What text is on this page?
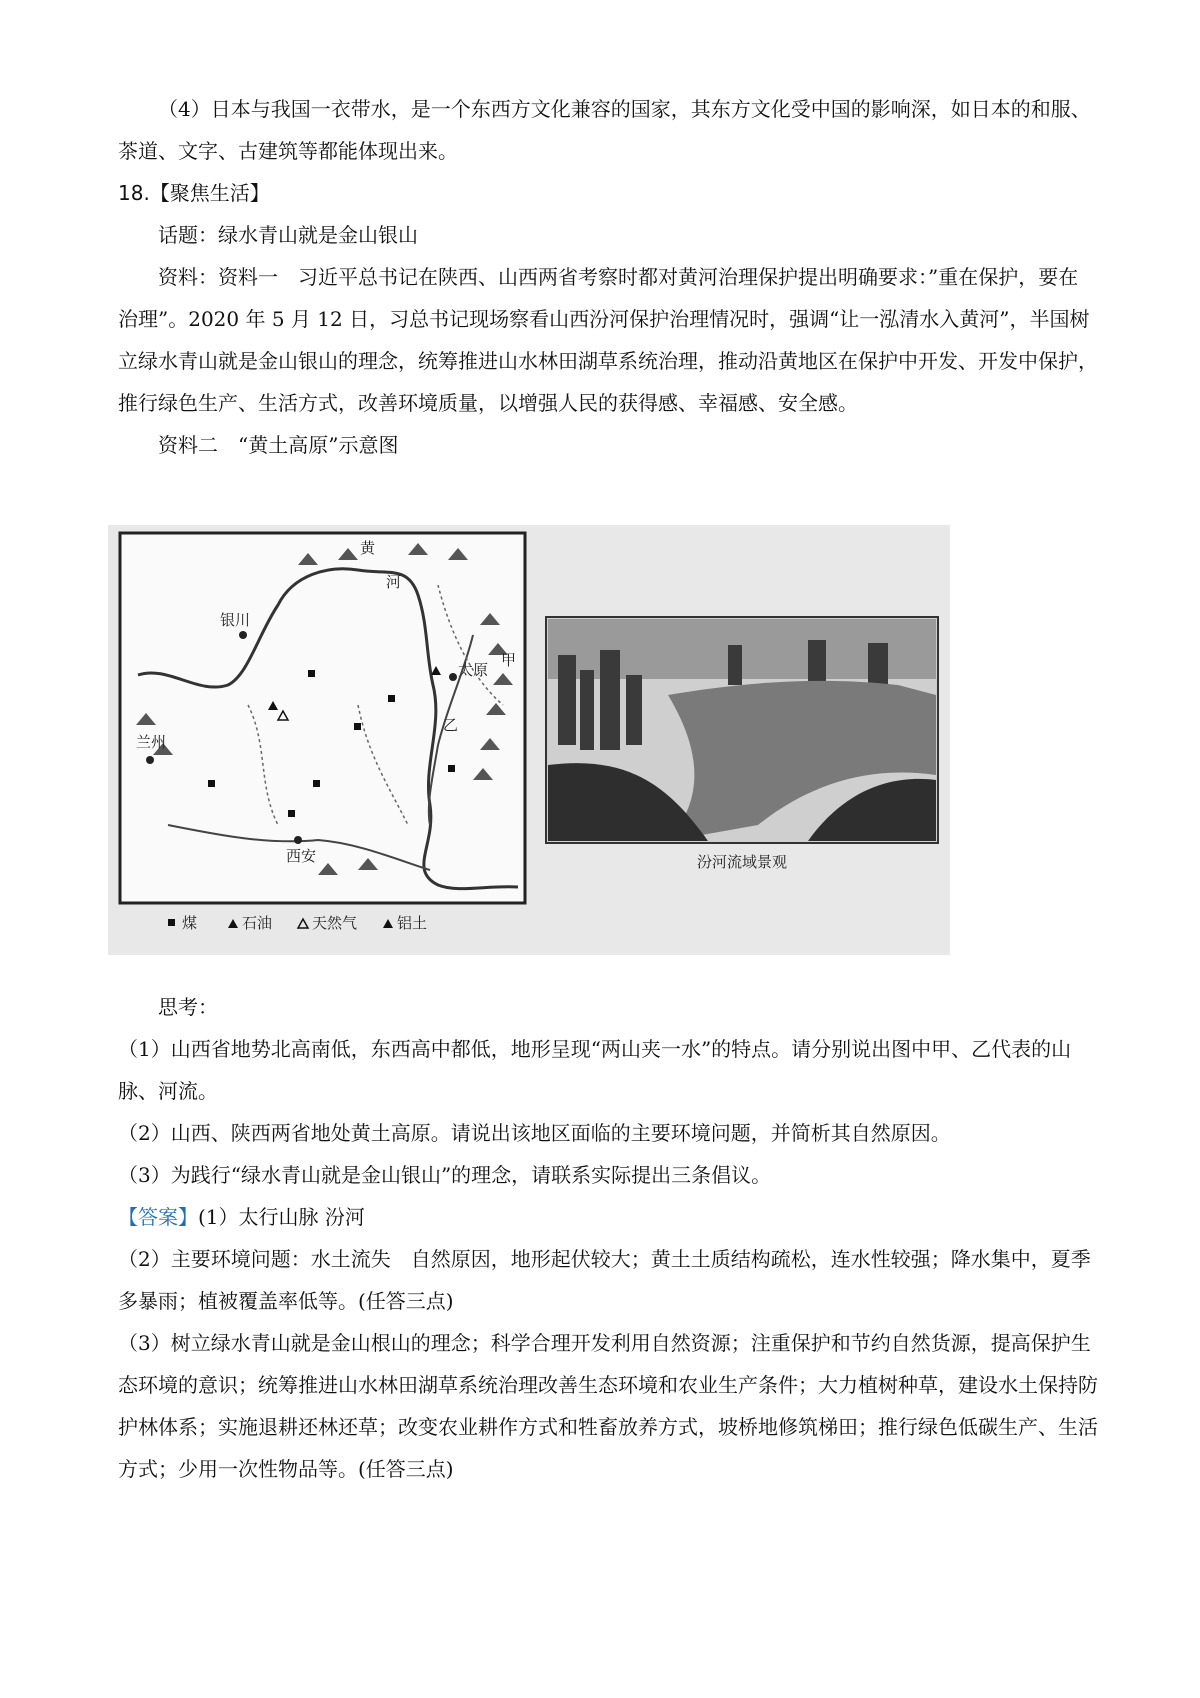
（4）日本与我国一衣带水，是一个东西方文化兼容的国家，其东方文化受中国的影响深，如日本的和服、茶道、文字、古建筑等都能体现出来。

18.【聚焦生活】

话题：绿水青山就是金山银山

资料：资料一　习近平总书记在陕西、山西两省考察时都对黄河治理保护提出明确要求：”重在保护，要在治理”。2020 年 5 月 12 日，习总书记现场察看山西汾河保护治理情况时，强调“让一泓清水入黄河”，半国树立绿水青山就是金山银山的理念，统筹推进山水林田湖草系统治理，推动沿黄地区在保护中开发、开发中保护，推行绿色生产、生活方式，改善环境质量，以增强人民的获得感、幸福感、安全感。

资料二　“黄土高原”示意图

银川
兰州
西安
太原
甲
乙
黄
河
煤	石油	天然气	铝土
汾河流域景观

思考：

（1）山西省地势北高南低，东西高中都低，地形呈现“两山夹一水”的特点。请分别说出图中甲、乙代表的山脉、河流。

（2）山西、陕西两省地处黄土高原。请说出该地区面临的主要环境问题，并简析其自然原因。

（3）为践行“绿水青山就是金山银山”的理念，请联系实际提出三条倡议。

【答案】(1）太行山脉 汾河

（2）主要环境问题：水土流失　自然原因，地形起伏较大；黄土土质结构疏松，连水性较强；降水集中，夏季多暴雨；植被覆盖率低等。(任答三点)

（3）树立绿水青山就是金山根山的理念；科学合理开发利用自然资源；注重保护和节约自然货源，提高保护生态环境的意识；统筹推进山水林田湖草系统治理改善生态环境和农业生产条件；大力植树种草，建设水土保持防护林体系；实施退耕还林还草；改变农业耕作方式和牲畜放养方式，坡桥地修筑梯田；推行绿色低碳生产、生活方式；少用一次性物品等。(任答三点)
